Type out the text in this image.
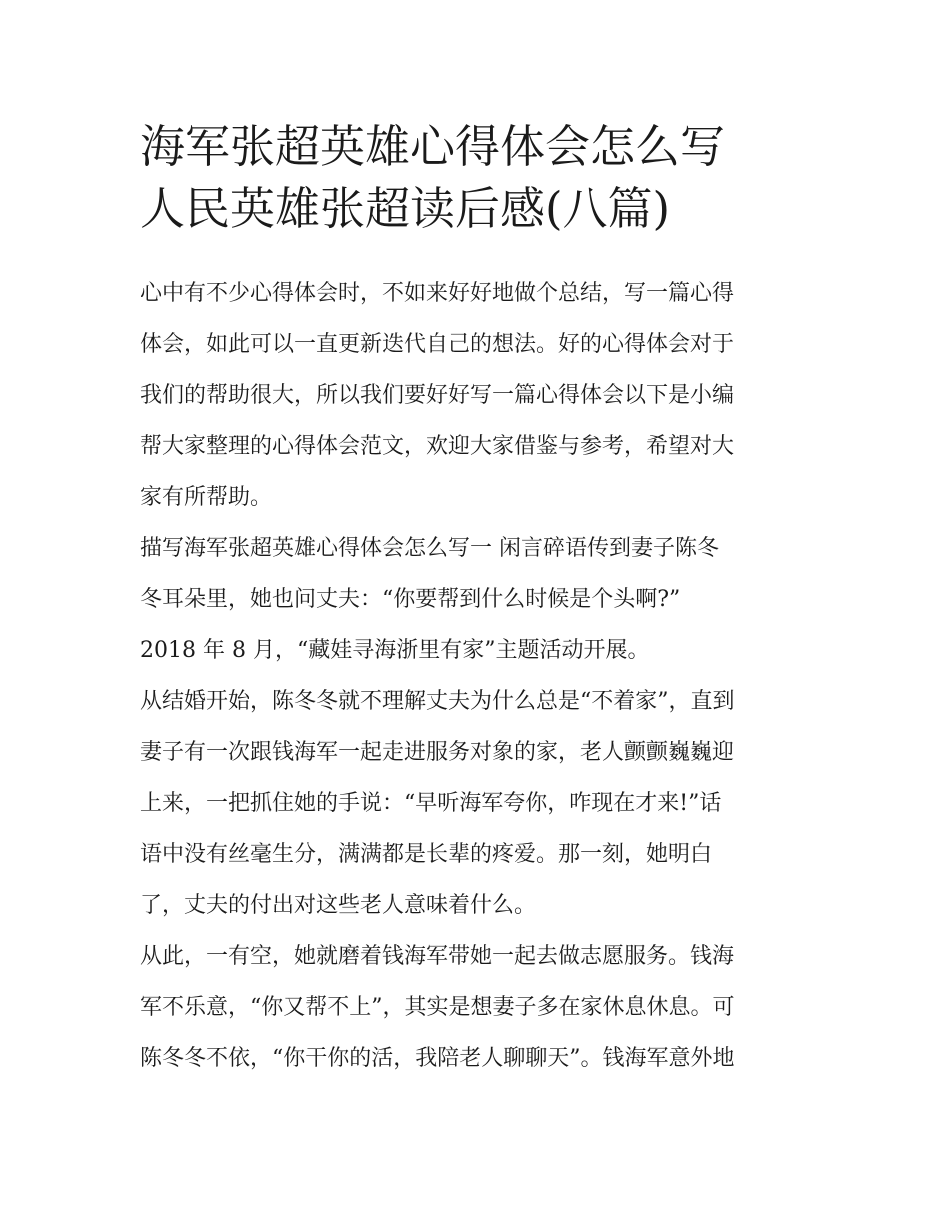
海军张超英雄心得体会怎么写
人民英雄张超读后感(八篇)

心中有不少心得体会时，不如来好好地做个总结，写一篇心得
体会，如此可以一直更新迭代自己的想法。好的心得体会对于
我们的帮助很大，所以我们要好好写一篇心得体会以下是小编
帮大家整理的心得体会范文，欢迎大家借鉴与参考，希望对大
家有所帮助。

描写海军张超英雄心得体会怎么写一 闲言碎语传到妻子陈冬
冬耳朵里，她也问丈夫：“你要帮到什么时候是个头啊?”

2018 年 8 月，“藏娃寻海浙里有家”主题活动开展。

从结婚开始，陈冬冬就不理解丈夫为什么总是“不着家”，直到
妻子有一次跟钱海军一起走进服务对象的家，老人颤颤巍巍迎
上来，一把抓住她的手说：“早听海军夸你，咋现在才来!”话
语中没有丝毫生分，满满都是长辈的疼爱。那一刻，她明白
了，丈夫的付出对这些老人意味着什么。

从此，一有空，她就磨着钱海军带她一起去做志愿服务。钱海
军不乐意，“你又帮不上”，其实是想妻子多在家休息休息。可
陈冬冬不依，“你干你的活，我陪老人聊聊天”。钱海军意外地
